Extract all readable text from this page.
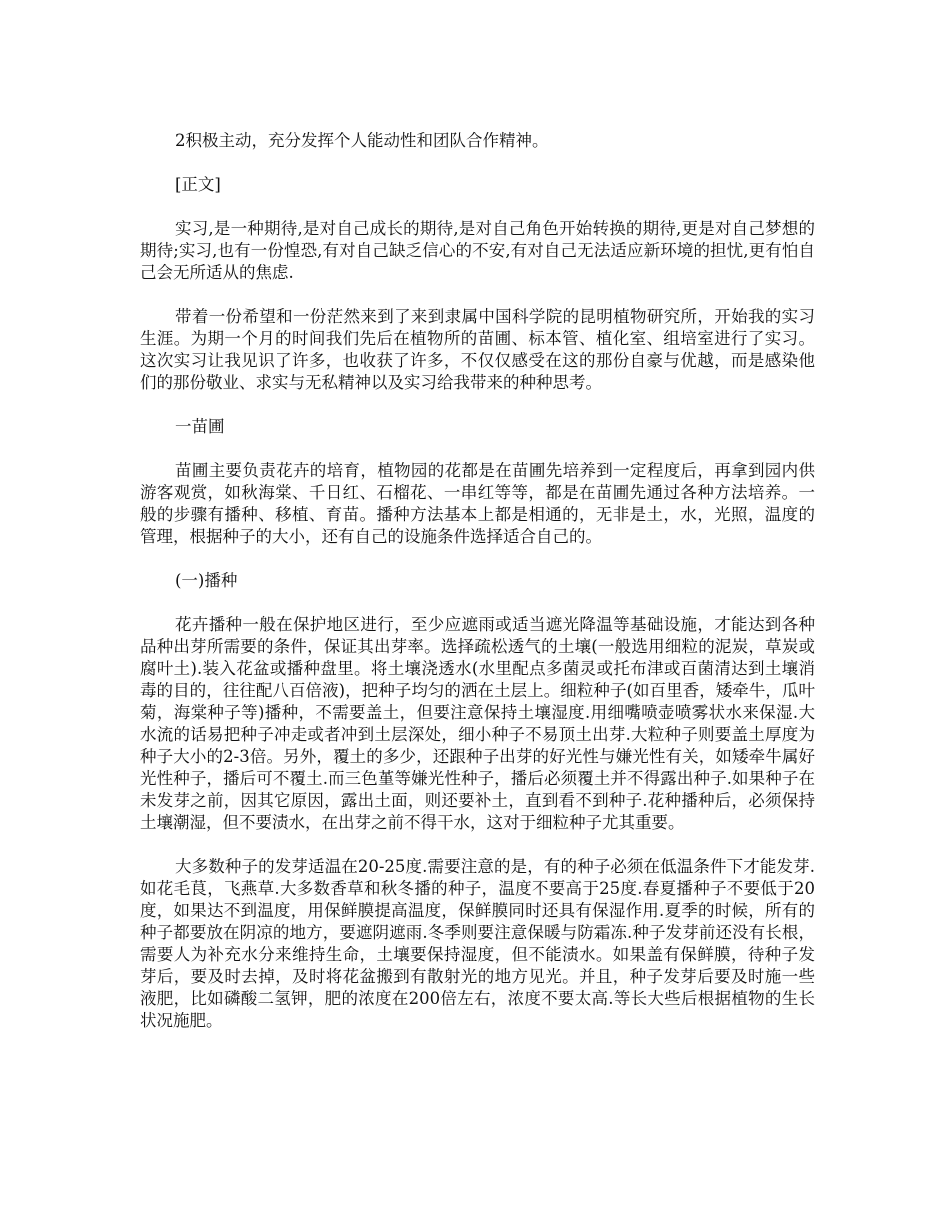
2积极主动，充分发挥个人能动性和团队合作精神。

[正文]

实习,是一种期待,是对自己成长的期待,是对自己角色开始转换的期待,更是对自己梦想的期待;实习,也有一份惶恐,有对自己缺乏信心的不安,有对自己无法适应新环境的担忧,更有怕自己会无所适从的焦虑.

带着一份希望和一份茫然来到了来到隶属中国科学院的昆明植物研究所，开始我的实习生涯。为期一个月的时间我们先后在植物所的苗圃、标本管、植化室、组培室进行了实习。这次实习让我见识了许多，也收获了许多，不仅仅感受在这的那份自豪与优越，而是感染他们的那份敬业、求实与无私精神以及实习给我带来的种种思考。

一苗圃

苗圃主要负责花卉的培育，植物园的花都是在苗圃先培养到一定程度后，再拿到园内供游客观赏，如秋海棠、千日红、石榴花、一串红等等，都是在苗圃先通过各种方法培养。一般的步骤有播种、移植、育苗。播种方法基本上都是相通的，无非是土，水，光照，温度的管理，根据种子的大小，还有自己的设施条件选择适合自己的。

(一)播种

花卉播种一般在保护地区进行，至少应遮雨或适当遮光降温等基础设施，才能达到各种品种出芽所需要的条件，保证其出芽率。选择疏松透气的土壤(一般选用细粒的泥炭，草炭或腐叶土).装入花盆或播种盘里。将土壤浇透水(水里配点多菌灵或托布津或百菌清达到土壤消毒的目的，往往配八百倍液)，把种子均匀的洒在土层上。细粒种子(如百里香，矮牵牛，瓜叶菊，海棠种子等)播种，不需要盖土，但要注意保持土壤湿度.用细嘴喷壶喷雾状水来保湿.大水流的话易把种子冲走或者冲到土层深处，细小种子不易顶土出芽.大粒种子则要盖土厚度为种子大小的2-3倍。另外，覆土的多少，还跟种子出芽的好光性与嫌光性有关，如矮牵牛属好光性种子，播后可不覆土.而三色堇等嫌光性种子，播后必须覆土并不得露出种子.如果种子在未发芽之前，因其它原因，露出土面，则还要补土，直到看不到种子.花种播种后，必须保持土壤潮湿，但不要渍水，在出芽之前不得干水，这对于细粒种子尤其重要。

大多数种子的发芽适温在20-25度.需要注意的是，有的种子必须在低温条件下才能发芽.如花毛茛，飞燕草.大多数香草和秋冬播的种子，温度不要高于25度.春夏播种子不要低于20度，如果达不到温度，用保鲜膜提高温度，保鲜膜同时还具有保湿作用.夏季的时候，所有的种子都要放在阴凉的地方，要遮阴遮雨.冬季则要注意保暖与防霜冻.种子发芽前还没有长根，需要人为补充水分来维持生命，土壤要保持湿度，但不能渍水。如果盖有保鲜膜，待种子发芽后，要及时去掉，及时将花盆搬到有散射光的地方见光。并且，种子发芽后要及时施一些液肥，比如磷酸二氢钾，肥的浓度在200倍左右，浓度不要太高.等长大些后根据植物的生长状况施肥。
